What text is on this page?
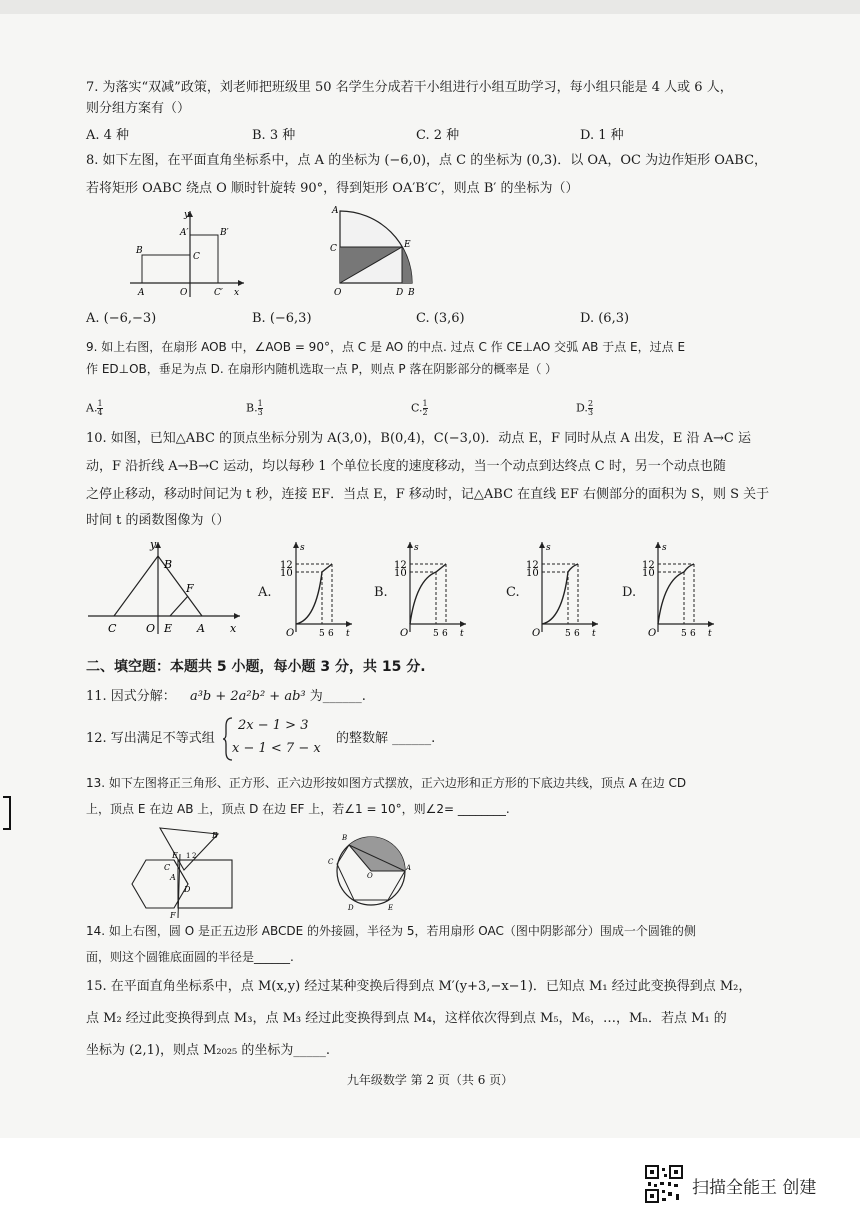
7. 为落实“双减”政策，刘老师把班级里 50 名学生分成若干小组进行小组互助学习，每小组只能是 4 人或 6 人，
则分组方案有（）
A. 4 种	B. 3 种	C. 2 种	D. 1 种
8. 如下左图，在平面直角坐标系中，点 A 的坐标为 (−6,0)，点 C 的坐标为 (0,3)．以 OA，OC 为边作矩形 OABC，
若将矩形 OABC 绕点 O 顺时针旋转 90°，得到矩形 OA′B′C′，则点 B′ 的坐标为（）
y
A′	B′
B
C
A	O	C′ x
A
C	E
O	D B
A. (−6,−3)	B. (−6,3)	C. (3,6)	D. (6,3)
9. 如上右图，在扇形 AOB 中，∠AOB = 90°，点 C 是 AO 的中点. 过点 C 作 CE⊥AO 交弧 AB 于点 E，过点 E
作 ED⊥OB，垂足为点 D. 在扇形内随机选取一点 P，则点 P 落在阴影部分的概率是（ ）
A. $\frac{1}{4}$	B. $\frac{1}{3}$	C. $\frac{1}{2}$	D. $\frac{2}{3}$
10. 如图，已知△ABC 的顶点坐标分别为 A(3,0)，B(0,4)，C(−3,0)．动点 E，F 同时从点 A 出发，E 沿 A→C 运
动，F 沿折线 A→B→C 运动，均以每秒 1 个单位长度的速度移动，当一个动点到达终点 C 时，另一个动点也随
之停止移动，移动时间记为 t 秒，连接 EF．当点 E，F 移动时，记△ABC 在直线 EF 右侧部分的面积为 S，则 S 关于
时间 t 的函数图像为（）
y
B
F
C	O E A x
A.	B.	C.	D.
s
12
10
O	5 6 t
s
12
10
O	5 6 t
s
12
10
O	5 6 t
s
12
10
O	5 6 t
二、填空题：本题共 5 小题，每小题 3 分，共 15 分.
11. 因式分解： a³b + 2a²b² + ab³ 为______.
12. 写出满足不等式组
2x − 1 > 3
x − 1 < 7 − x
的整数解 ______.
13. 如下左图将正三角形、正方形、正六边形按如图方式摆放，正六边形和正方形的下底边共线，顶点 A 在边 CD
上，顶点 E 在边 AB 上，顶点 D 在边 EF 上，若∠1 = 10°，则∠2= ________.
B
E 1 2
C
A
D
F
B
C
A
O
D	E
14. 如上右图，圆 O 是正五边形 ABCDE 的外接圆，半径为 5，若用扇形 OAC（图中阴影部分）围成一个圆锥的侧
面，则这个圆锥底面圆的半径是______.
15. 在平面直角坐标系中，点 M(x,y) 经过某种变换后得到点 M′(y+3,−x−1)．已知点 M₁ 经过此变换得到点 M₂，
点 M₂ 经过此变换得到点 M₃，点 M₃ 经过此变换得到点 M₄，这样依次得到点 M₅，M₆，…，Mₙ．若点 M₁ 的
坐标为 (2,1)，则点 M₂₀₂₅ 的坐标为_____.
九年级数学 第 2 页（共 6 页）
扫描全能王 创建
